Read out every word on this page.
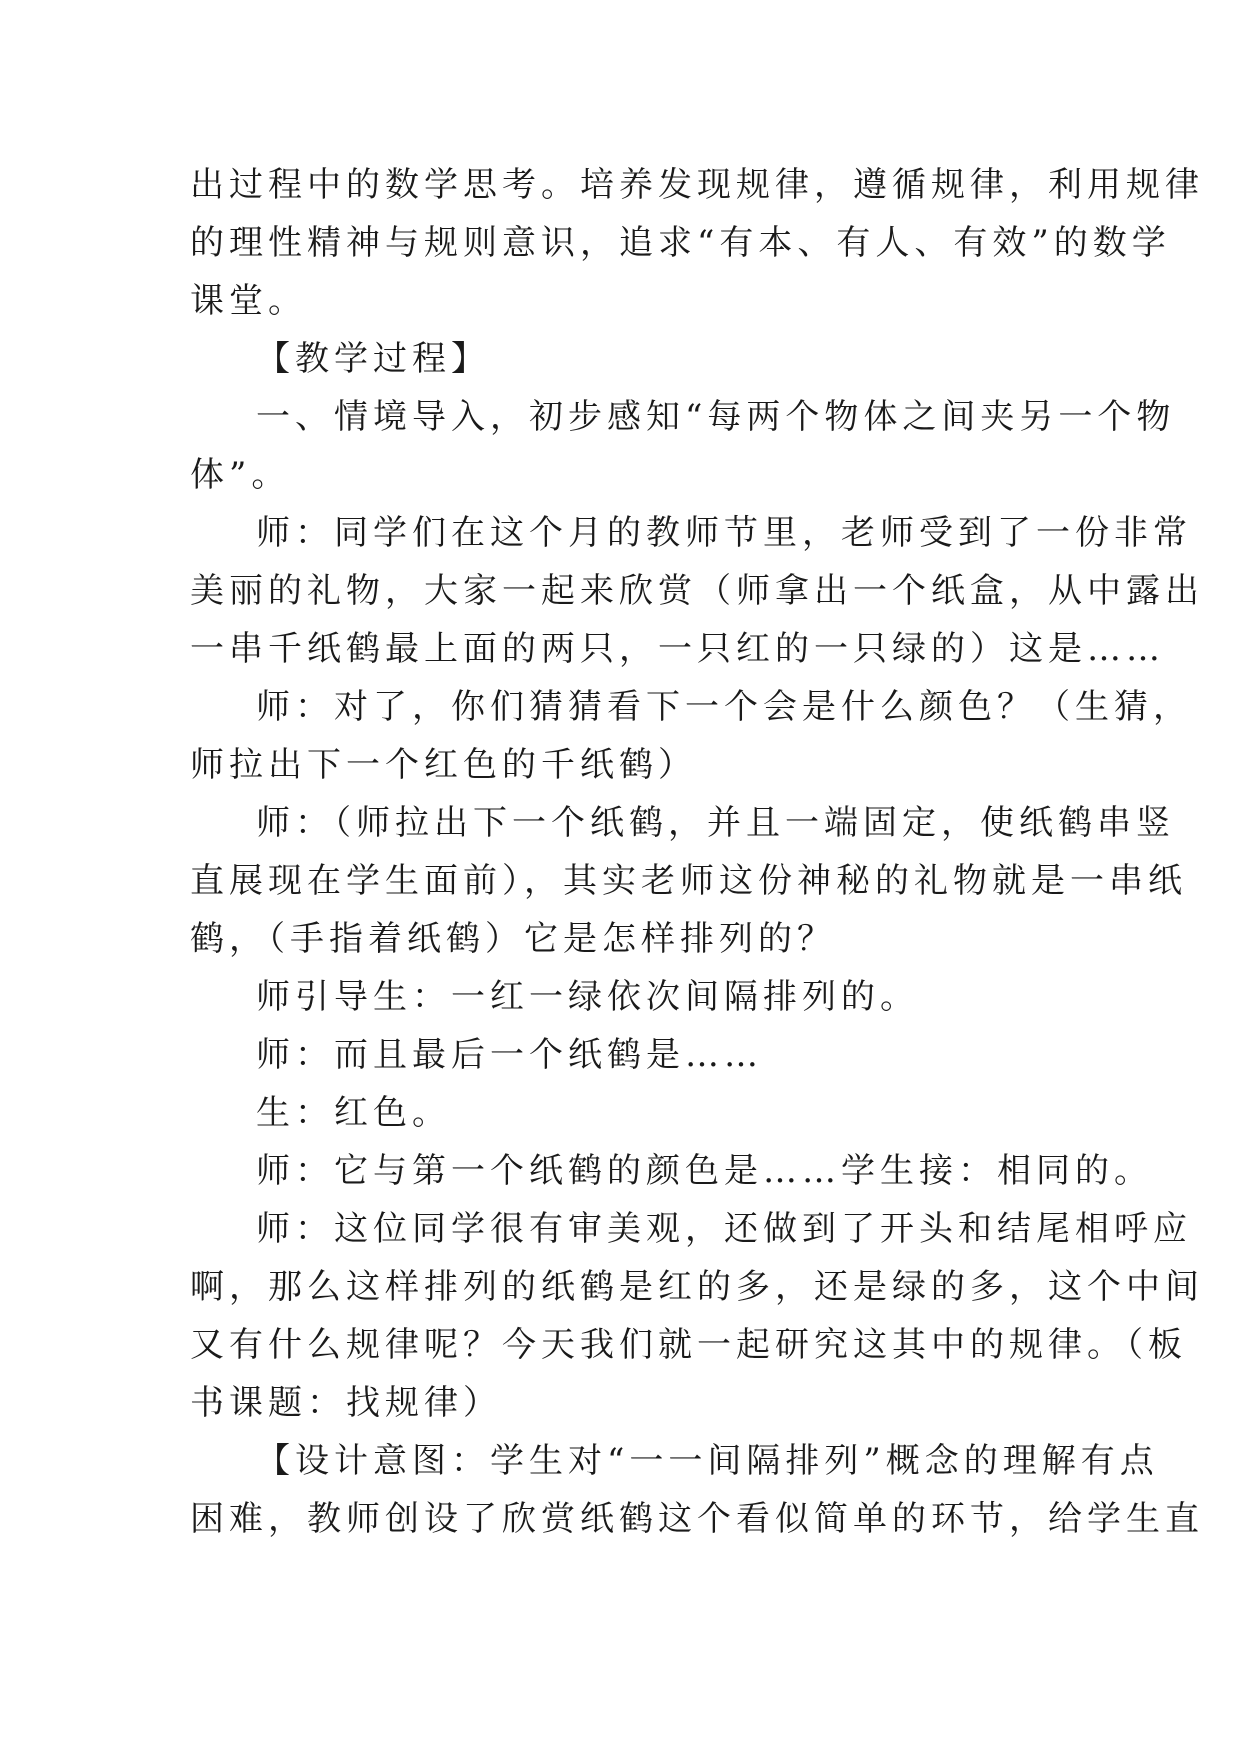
出过程中的数学思考。培养发现规律，遵循规律，利用规律
的理性精神与规则意识，追求“有本、有人、有效”的数学
课堂。
【教学过程】
一、情境导入，初步感知“每两个物体之间夹另一个物
体”。
师：同学们在这个月的教师节里，老师受到了一份非常
美丽的礼物，大家一起来欣赏（师拿出一个纸盒，从中露出
一串千纸鹤最上面的两只，一只红的一只绿的）这是……
师：对了，你们猜猜看下一个会是什么颜色？（生猜，
师拉出下一个红色的千纸鹤）
师：（师拉出下一个纸鹤，并且一端固定，使纸鹤串竖
直展现在学生面前），其实老师这份神秘的礼物就是一串纸
鹤，（手指着纸鹤）它是怎样排列的？
师引导生：一红一绿依次间隔排列的。
师：而且最后一个纸鹤是……
生：红色。
师：它与第一个纸鹤的颜色是……学生接：相同的。
师：这位同学很有审美观，还做到了开头和结尾相呼应
啊，那么这样排列的纸鹤是红的多，还是绿的多，这个中间
又有什么规律呢？今天我们就一起研究这其中的规律。（板
书课题：找规律）
【设计意图：学生对“一一间隔排列”概念的理解有点
困难，教师创设了欣赏纸鹤这个看似简单的环节，给学生直
